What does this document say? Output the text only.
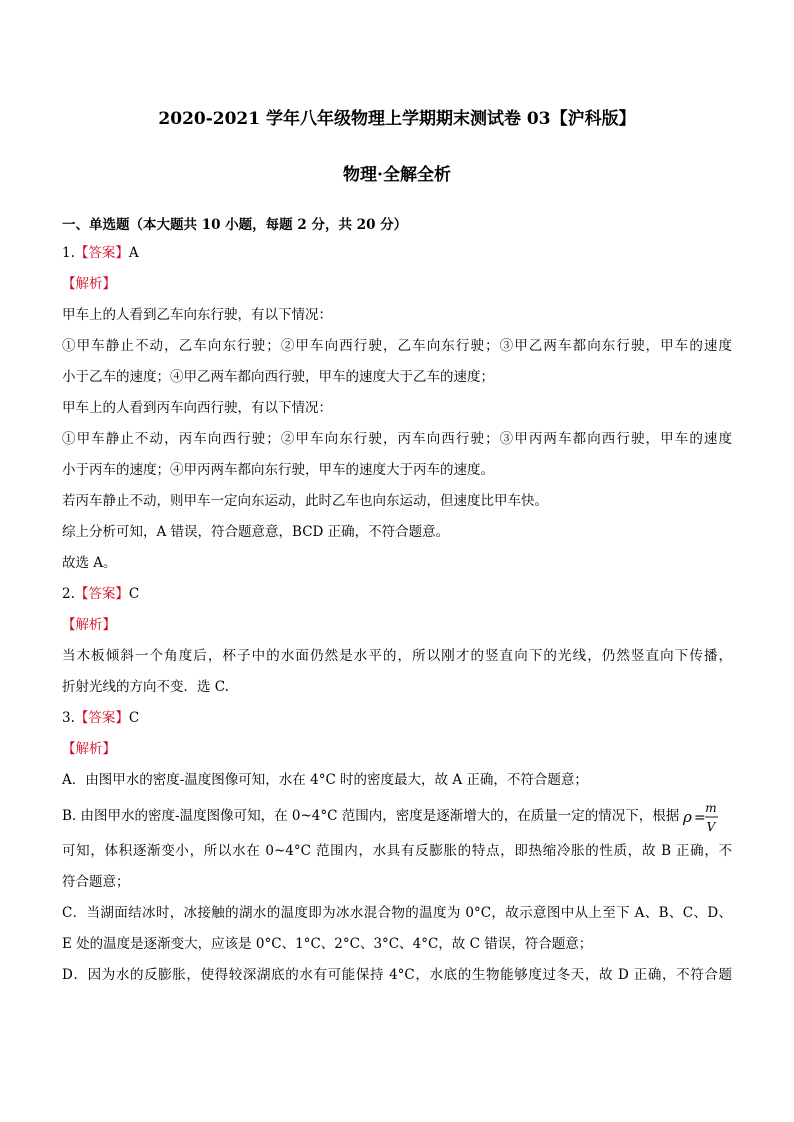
2020-2021 学年八年级物理上学期期末测试卷 03【沪科版】
物理·全解全析
一、单选题（本大题共 10 小题，每题 2 分，共 20 分）
1.【答案】A
【解析】
甲车上的人看到乙车向东行驶，有以下情况：
①甲车静止不动，乙车向东行驶；②甲车向西行驶，乙车向东行驶；③甲乙两车都向东行驶，甲车的速度
小于乙车的速度；④甲乙两车都向西行驶，甲车的速度大于乙车的速度；
甲车上的人看到丙车向西行驶，有以下情况：
①甲车静止不动，丙车向西行驶；②甲车向东行驶，丙车向西行驶；③甲丙两车都向西行驶，甲车的速度
小于丙车的速度；④甲丙两车都向东行驶，甲车的速度大于丙车的速度。
若丙车静止不动，则甲车一定向东运动，此时乙车也向东运动，但速度比甲车快。
综上分析可知，A 错误，符合题意意，BCD 正确，不符合题意。
故选 A。
2.【答案】C
【解析】
当木板倾斜一个角度后，杯子中的水面仍然是水平的，所以刚才的竖直向下的光线，仍然竖直向下传播，
折射光线的方向不变．选 C.
3.【答案】C
【解析】
A．由图甲水的密度-温度图像可知，水在 4°C 时的密度最大，故 A 正确，不符合题意；
B. 由图甲水的密度-温度图像可知，在 0~4°C 范围内，密度是逐渐增大的，在质量一定的情况下，根据 ρ =
m
V
可知，体积逐渐变小，所以水在 0~4°C 范围内，水具有反膨胀的特点，即热缩冷胀的性质，故 B 正确，不
符合题意；
C．当湖面结冰时，冰接触的湖水的温度即为冰水混合物的温度为 0°C，故示意图中从上至下 A、B、C、D、
E 处的温度是逐渐变大，应该是 0°C、1°C、2°C、3°C、4°C，故 C 错误，符合题意；
D．因为水的反膨胀，使得较深湖底的水有可能保持 4°C，水底的生物能够度过冬天，故 D 正确，不符合题
